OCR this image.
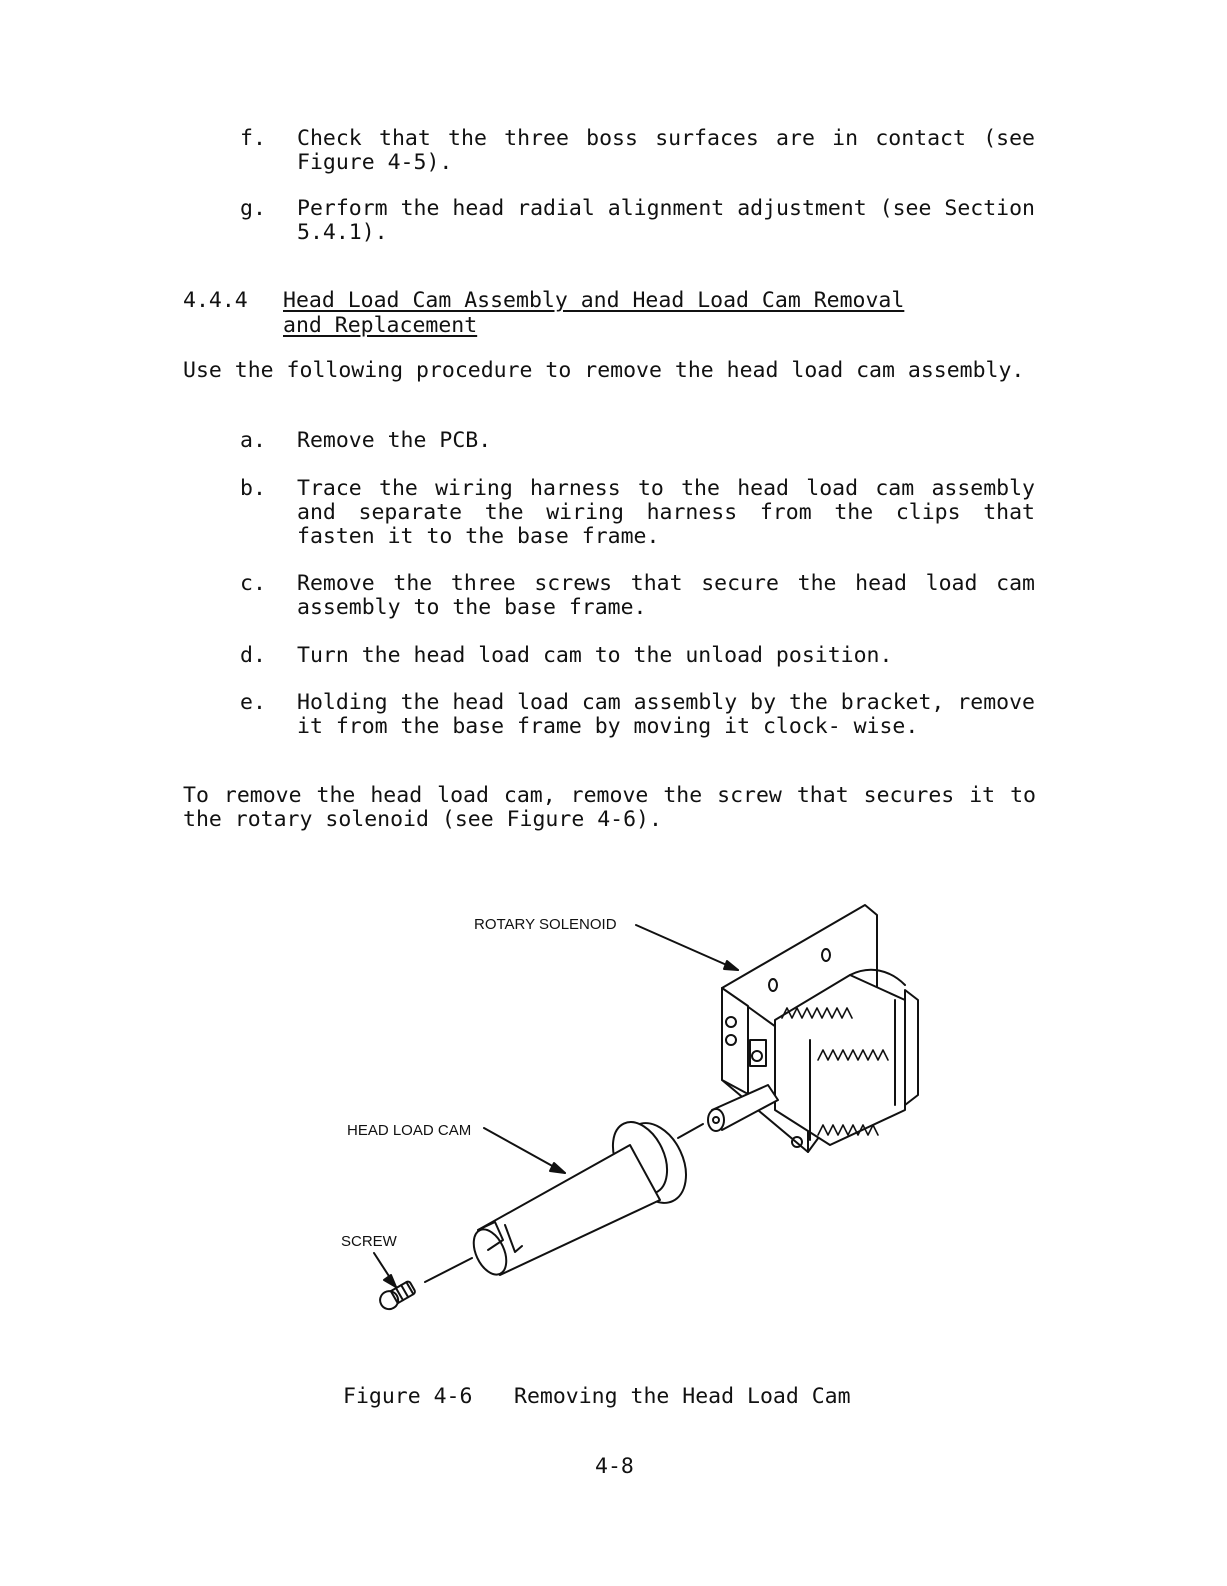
f. Check that the three boss surfaces are in contact (see Figure 4-5).
g. Perform the head radial alignment adjustment (see Section 5.4.1).
4.4.4 Head Load Cam Assembly and Head Load Cam Removal
and Replacement
Use the following procedure to remove the head load cam assembly.
a. Remove the PCB.
b. Trace the wiring harness to the head load cam assembly and separate the wiring harness from the clips that fasten it to the base frame.
c. Remove the three screws that secure the head load cam assembly to the base frame.
d. Turn the head load cam to the unload position.
e. Holding the head load cam assembly by the bracket, remove it from the base frame by moving it clock- wise.
To remove the head load cam, remove the screw that secures it to the rotary solenoid (see Figure 4-6).
ROTARY SOLENOID
HEAD LOAD CAM
SCREW
Figure 4-6 Removing the Head Load Cam
4-8
